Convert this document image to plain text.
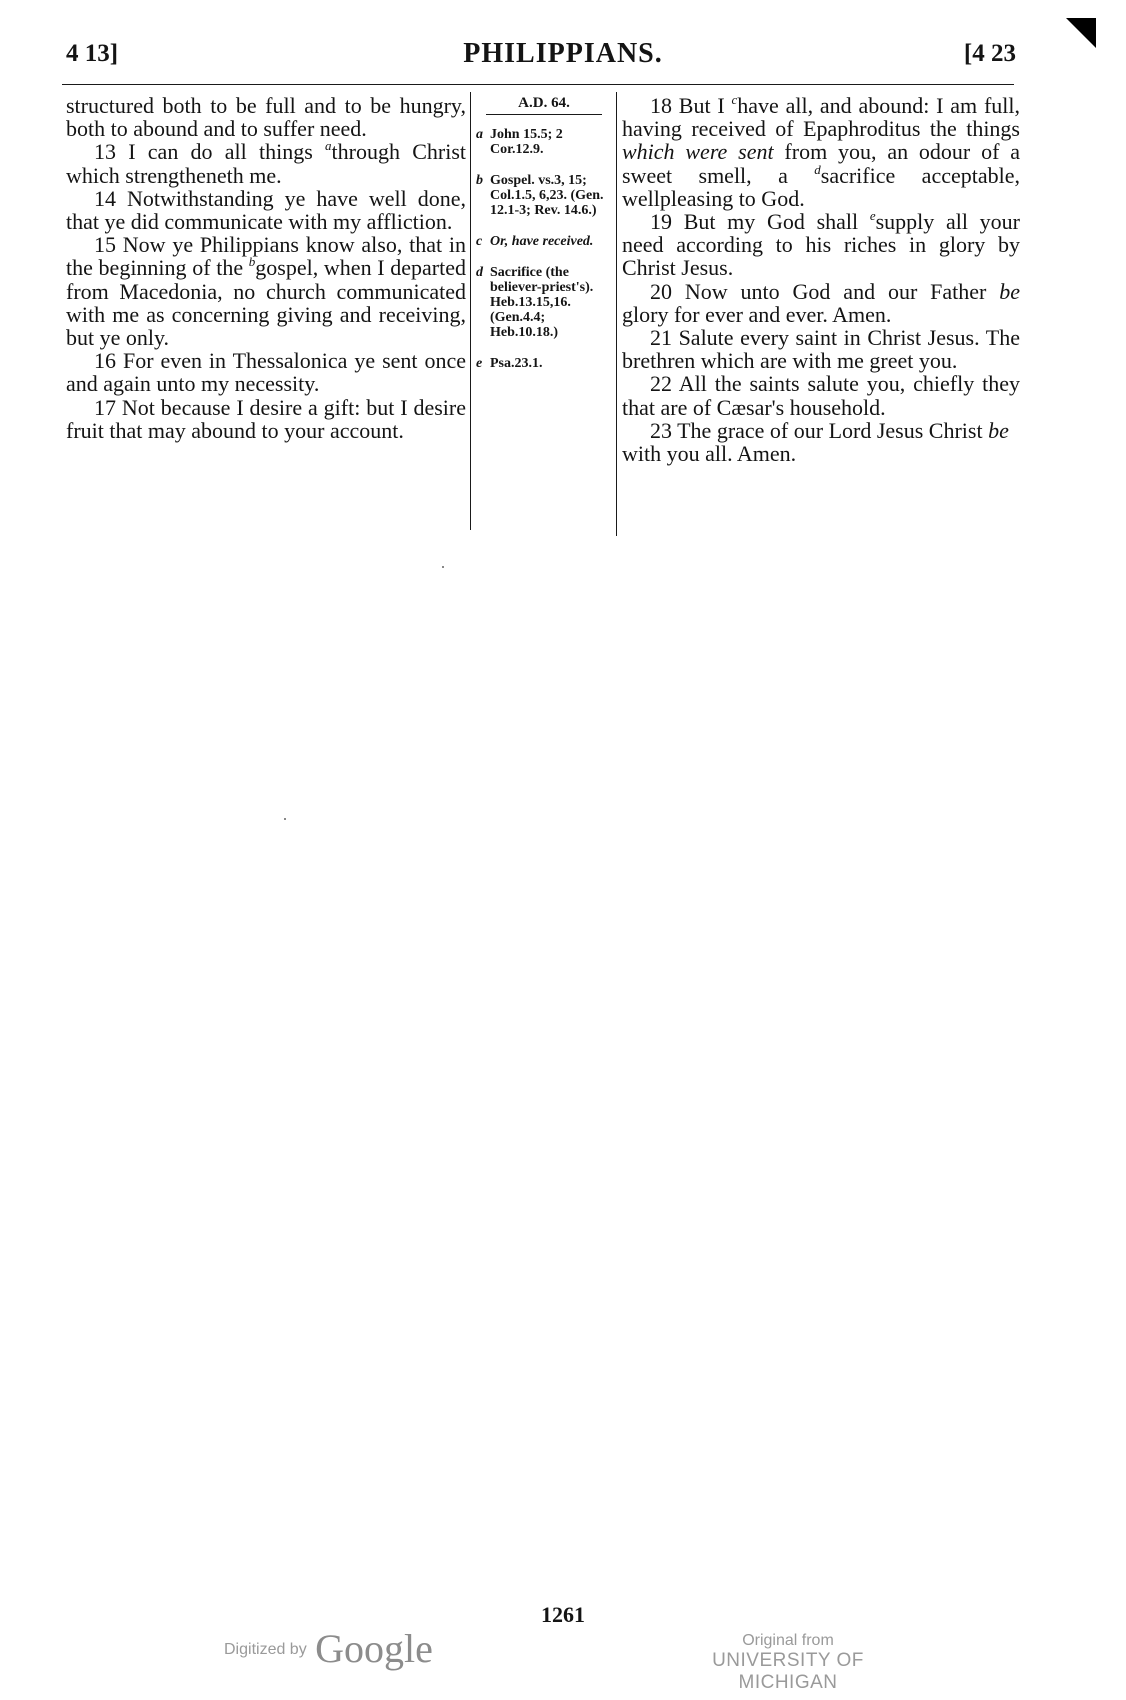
4 13]	PHILIPPIANS.	[4 23

structured both to be full and to be hungry, both to abound and to suffer need.

13 I can do all things $^a$through Christ which strengtheneth me.

14 Notwithstanding ye have well done, that ye did communicate with my affliction.

15 Now ye Philippians know also, that in the beginning of the $^b$gospel, when I departed from Macedonia, no church communicated with me as concerning giving and receiving, but ye only.

16 For even in Thessalonica ye sent once and again unto my necessity.

17 Not because I desire a gift: but I desire fruit that may abound to your account.

A.D. 64.
a John 15.5; 2 Cor.12.9.
b Gospel. vs.3, 15; Col.1.5, 6,23. (Gen. 12.1-3; Rev. 14.6.)
c Or, have received.
d Sacrifice (the believer-priest's). Heb.13.15,16. (Gen.4.4; Heb.10.18.)
e Psa.23.1.

18 But I $^c$have all, and abound: I am full, having received of Epaphroditus the things which were sent from you, an odour of a sweet smell, a $^d$sacrifice acceptable, wellpleasing to God.

19 But my God shall $^e$supply all your need according to his riches in glory by Christ Jesus.

20 Now unto God and our Father be glory for ever and ever. Amen.

21 Salute every saint in Christ Jesus. The brethren which are with me greet you.

22 All the saints salute you, chiefly they that are of Cæsar's household.

23 The grace of our Lord Jesus Christ be with you all. Amen.

1261
Digitized by Google	Original from
UNIVERSITY OF MICHIGAN
